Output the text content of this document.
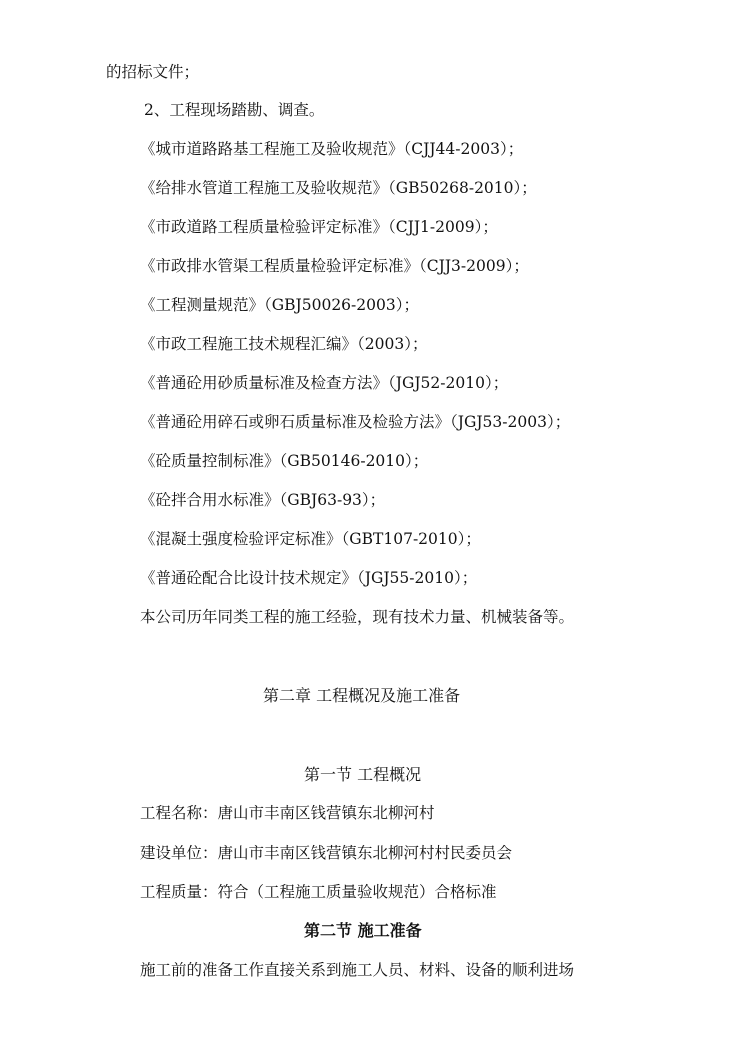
的招标文件；
2、工程现场踏勘、调查。
《城市道路路基工程施工及验收规范》（CJJ44-2003）；
《给排水管道工程施工及验收规范》（GB50268-2010）；
《市政道路工程质量检验评定标准》（CJJ1-2009）；
《市政排水管渠工程质量检验评定标准》（CJJ3-2009）；
《工程测量规范》（GBJ50026-2003）；
《市政工程施工技术规程汇编》（2003）；
《普通砼用砂质量标准及检查方法》（JGJ52-2010）；
《普通砼用碎石或卵石质量标准及检验方法》（JGJ53-2003）；
《砼质量控制标准》（GB50146-2010）；
《砼拌合用水标准》（GBJ63-93）；
《混凝土强度检验评定标准》（GBT107-2010）；
《普通砼配合比设计技术规定》（JGJ55-2010）；
本公司历年同类工程的施工经验，现有技术力量、机械装备等。
第二章 工程概况及施工准备
第一节 工程概况
工程名称：唐山市丰南区钱营镇东北柳河村
建设单位：唐山市丰南区钱营镇东北柳河村村民委员会
工程质量：符合（工程施工质量验收规范）合格标准
第二节 施工准备
施工前的准备工作直接关系到施工人员、材料、设备的顺利进场
